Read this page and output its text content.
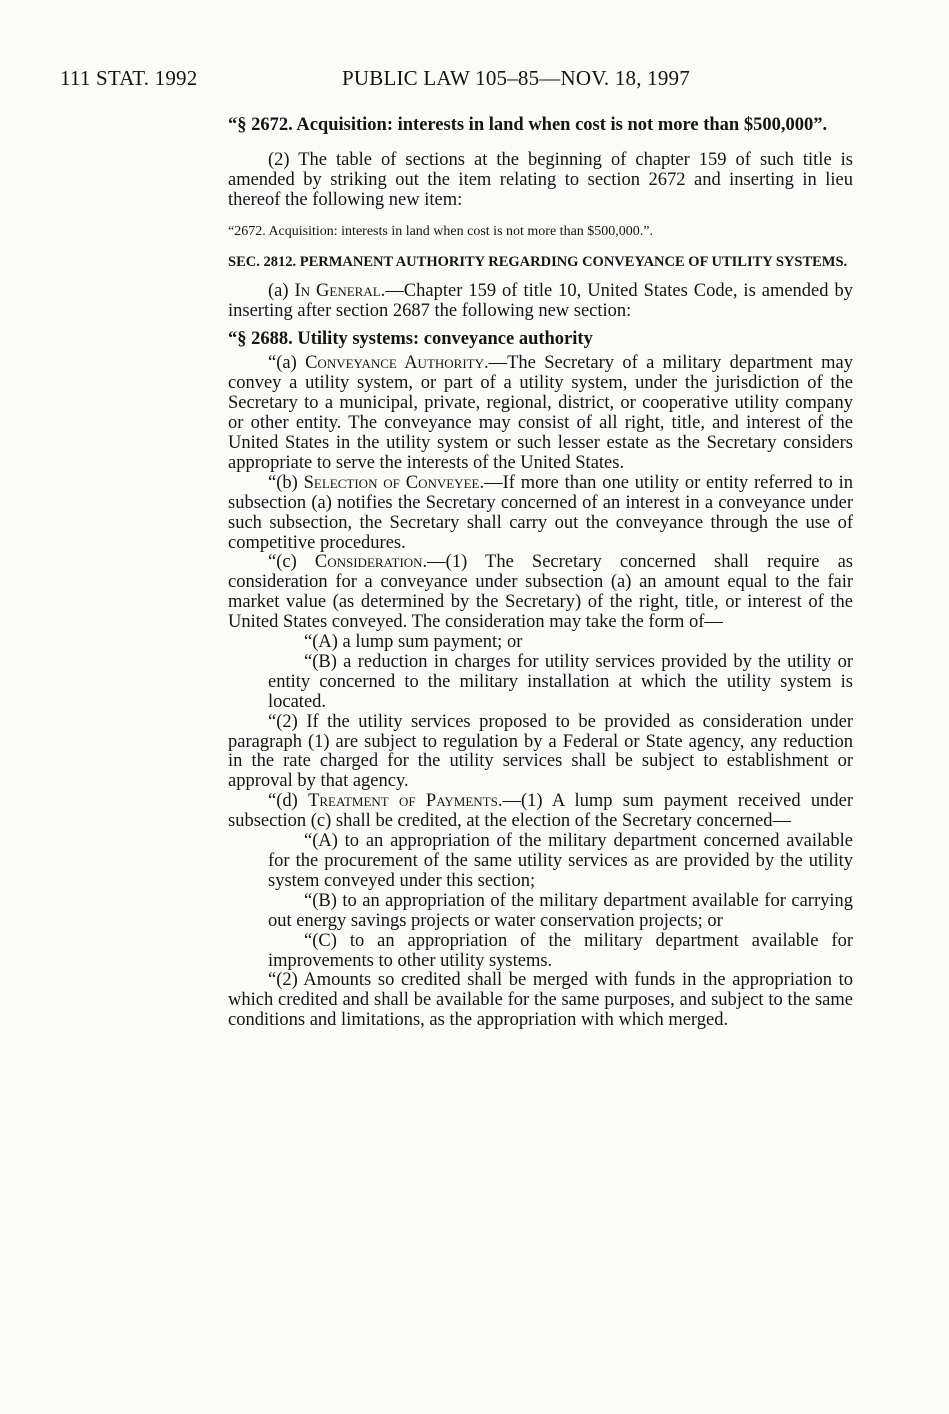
111 STAT. 1992	PUBLIC LAW 105–85—NOV. 18, 1997

“§ 2672. Acquisition: interests in land when cost is not more than $500,000”.

(2) The table of sections at the beginning of chapter 159 of such title is amended by striking out the item relating to section 2672 and inserting in lieu thereof the following new item:

“2672. Acquisition: interests in land when cost is not more than $500,000.”.

SEC. 2812. PERMANENT AUTHORITY REGARDING CONVEYANCE OF UTILITY SYSTEMS.

(a) In General.—Chapter 159 of title 10, United States Code, is amended by inserting after section 2687 the following new section:

“§ 2688. Utility systems: conveyance authority

“(a) Conveyance Authority.—The Secretary of a military department may convey a utility system, or part of a utility system, under the jurisdiction of the Secretary to a municipal, private, regional, district, or cooperative utility company or other entity. The conveyance may consist of all right, title, and interest of the United States in the utility system or such lesser estate as the Secretary considers appropriate to serve the interests of the United States.

“(b) Selection of Conveyee.—If more than one utility or entity referred to in subsection (a) notifies the Secretary concerned of an interest in a conveyance under such subsection, the Secretary shall carry out the conveyance through the use of competitive procedures.

“(c) Consideration.—(1) The Secretary concerned shall require as consideration for a conveyance under subsection (a) an amount equal to the fair market value (as determined by the Secretary) of the right, title, or interest of the United States conveyed. The consideration may take the form of—

“(A) a lump sum payment; or

“(B) a reduction in charges for utility services provided by the utility or entity concerned to the military installation at which the utility system is located.

“(2) If the utility services proposed to be provided as consideration under paragraph (1) are subject to regulation by a Federal or State agency, any reduction in the rate charged for the utility services shall be subject to establishment or approval by that agency.

“(d) Treatment of Payments.—(1) A lump sum payment received under subsection (c) shall be credited, at the election of the Secretary concerned—

“(A) to an appropriation of the military department concerned available for the procurement of the same utility services as are provided by the utility system conveyed under this section;

“(B) to an appropriation of the military department available for carrying out energy savings projects or water conservation projects; or

“(C) to an appropriation of the military department available for improvements to other utility systems.

“(2) Amounts so credited shall be merged with funds in the appropriation to which credited and shall be available for the same purposes, and subject to the same conditions and limitations, as the appropriation with which merged.
